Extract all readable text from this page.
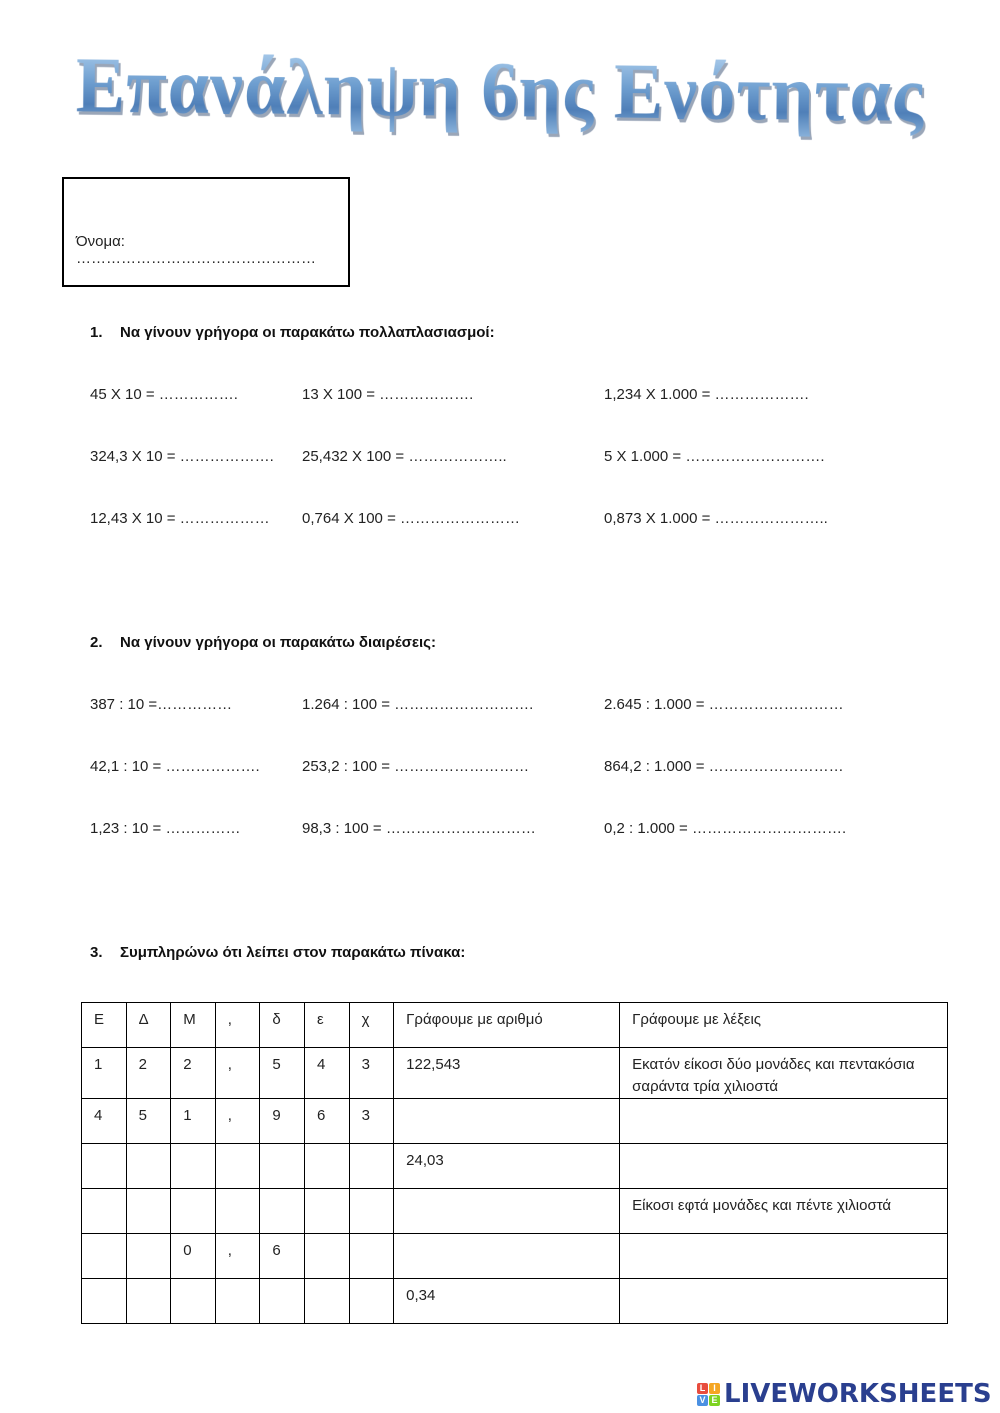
Επανάληψη 6ης Ενότητας
Όνομα: …………………………………………
1. Να γίνουν γρήγορα οι παρακάτω πολλαπλασιασμοί:
45 Χ 10 = …………….	13 Χ 100 = ……………….	1,234 Χ 1.000 = ……………….
324,3 Χ 10 = ………………. 25,432 Χ 100 = ………………..	5 Χ 1.000 = ……………………….
12,43 Χ 10 = ……………… 0,764 Χ 100 = ……………………	0,873 Χ 1.000 = …………………..
2. Να γίνουν γρήγορα οι παρακάτω διαιρέσεις:
387 : 10 =……………	1.264 : 100 = ……………………….	2.645 : 1.000 = ………………………
42,1 : 10 = ……………….	253,2 : 100 = ………………………	864,2 : 1.000 = ………………………
1,23 : 10 = ……………	98,3 : 100 = …………………………	0,2 : 1.000 = ………………………….
3. Συμπληρώνω ότι λείπει στον παρακάτω πίνακα:
Ε	Δ	Μ	,	δ	ε	χ	Γράφουμε με αριθμό	Γράφουμε με λέξεις
1	2	2	,	5	4	3	122,543	Εκατόν είκοσι δύο μονάδες και πεντακόσια σαράντα τρία χιλιοστά
4	5	1	,	9	6	3		
							24,03	
								Είκοσι εφτά μονάδες και πέντε χιλιοστά
		0	,	6				
							0,34	
L I
V E LIVEWORKSHEETS
